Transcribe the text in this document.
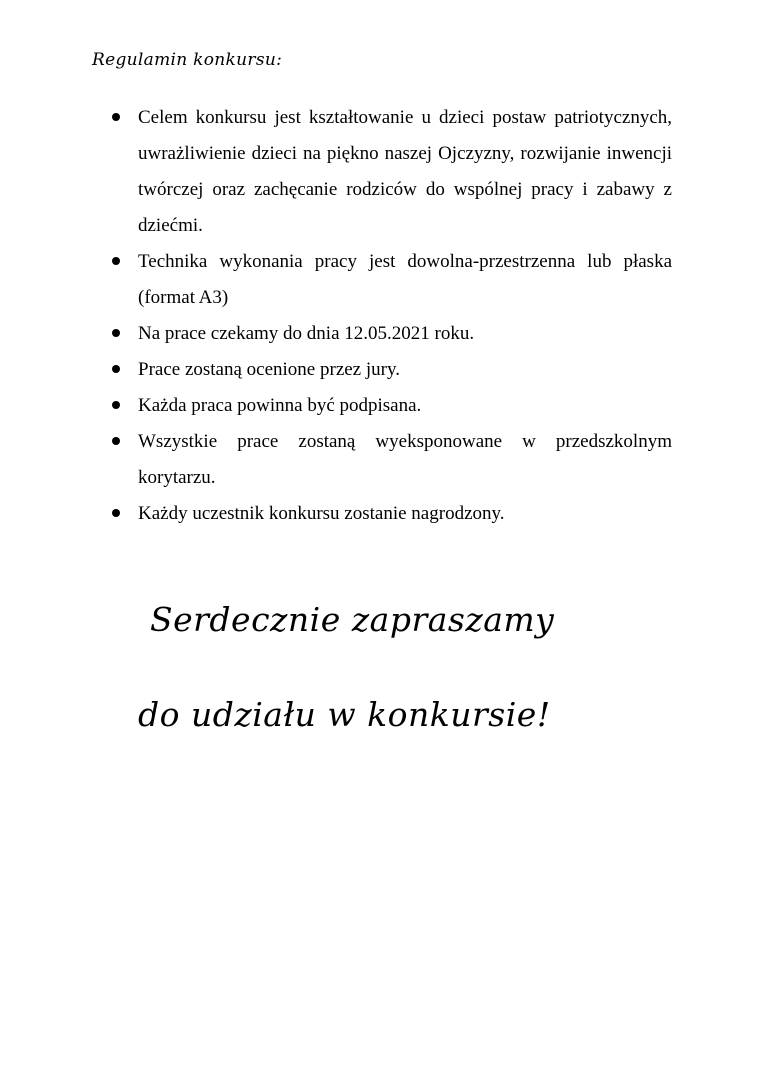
Regulamin konkursu:
Celem konkursu jest kształtowanie u dzieci postaw patriotycznych, uwrażliwienie dzieci na piękno naszej Ojczyzny, rozwijanie inwencji twórczej oraz zachęcanie rodziców do wspólnej pracy i zabawy z dziećmi.
Technika wykonania pracy jest dowolna-przestrzenna lub płaska (format A3)
Na prace czekamy do dnia 12.05.2021 roku.
Prace zostaną ocenione przez jury.
Każda praca powinna być podpisana.
Wszystkie prace zostaną wyeksponowane w przedszkolnym korytarzu.
Każdy uczestnik konkursu zostanie nagrodzony.
Serdecznie zapraszamy
do udziału w konkursie!
